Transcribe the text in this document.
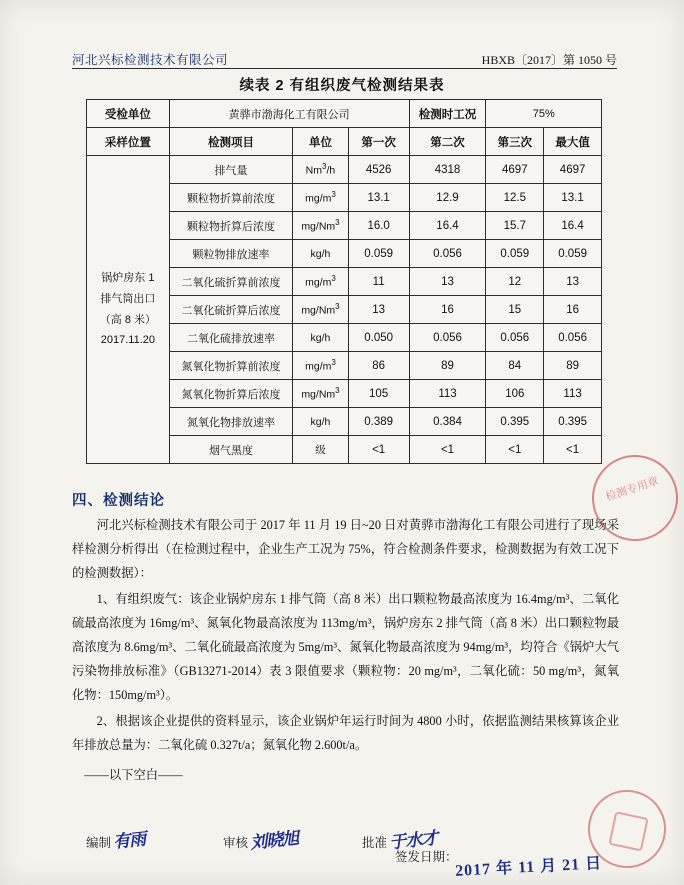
河北兴标检测技术有限公司	HBXB〔2017〕第 1050 号
续表 2 有组织废气检测结果表
受检单位	黄骅市渤海化工有限公司			检测时工况	75%	
采样位置	检测项目	单位	第一次	第二次	第三次	最大值

锅炉房东 1
排气筒出口
（高 8 米）
2017.11.20	排气量	Nm$^3$/h	4526	4318	4697	4697
	颗粒物折算前浓度	$mg/m^3$	13.1	12.9	12.5	13.1
	颗粒物折算后浓度	mg/Nm$^3$	16.0	16.4	15.7	16.4
	颗粒物排放速率	kg/h	0.059	0.056	0.059	0.059
	二氧化硫折算前浓度	$mg/m^3$	11	13	12	13
	二氧化硫折算后浓度	mg/Nm$^3$	13	16	15	16
	二氧化硫排放速率	kg/h	0.050	0.056	0.056	0.056
	氮氧化物折算前浓度	$mg/m^3$	86	89	84	89
	氮氧化物折算后浓度	mg/Nm$^3$	105	113	106	113
	氮氧化物排放速率	kg/h	0.389	0.384	0.395	0.395
	烟气黑度	级	<1	<1	<1	<1
四、检测结论

河北兴标检测技术有限公司于 2017 年 11 月 19 日~20 日对黄骅市渤海化工有限公司进行了现场采样检测分析得出（在检测过程中，企业生产工况为 75%，符合检测条件要求，检测数据为有效工况下的检测数据）：

1、有组织废气：该企业锅炉房东 1 排气筒（高 8 米）出口颗粒物最高浓度为 16.4mg/m³、二氧化硫最高浓度为 16mg/m³、氮氧化物最高浓度为 113mg/m³，锅炉房东 2 排气筒（高 8 米）出口颗粒物最高浓度为 8.6mg/m³、二氧化硫最高浓度为 5mg/m³、氮氧化物最高浓度为 94mg/m³，均符合《锅炉大气污染物排放标准》（GB13271-2014）表 3 限值要求（颗粒物：20 mg/m³，二氧化硫：50 mg/m³，氮氧化物：150mg/m³）。

2、根据该企业提供的资料显示，该企业锅炉年运行时间为 4800 小时，依据监测结果核算该企业年排放总量为：二氧化硫 0.327t/a；氮氧化物 2.600t/a。

——以下空白——

检测专用章
编制 有雨	审核 刘晓旭	批准 于水才
签发日期：
2017 年 11 月 21 日
